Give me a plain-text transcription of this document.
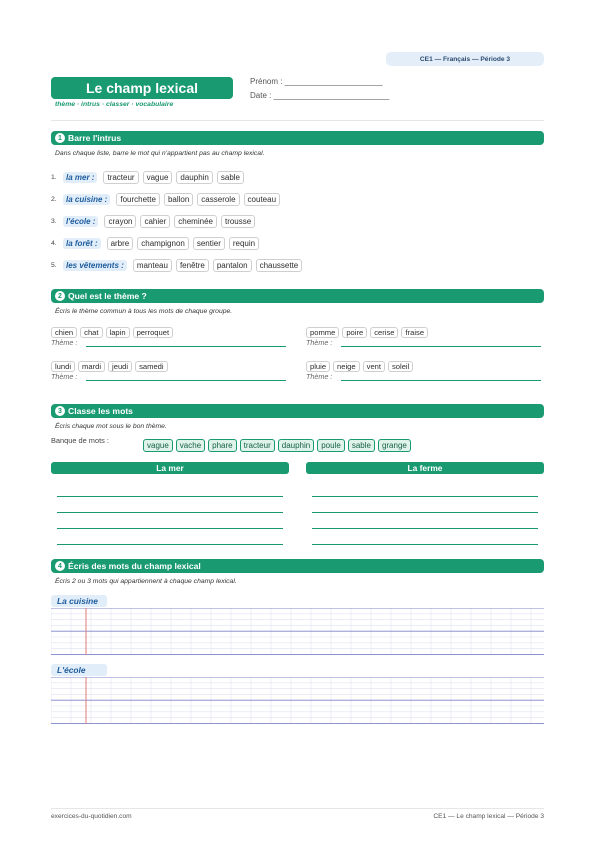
CE1 — Français — Période 3
Le champ lexical
thème · intrus · classer · vocabulaire
Prénom : ______________________
Date : __________________________
1 Barre l'intrus
Dans chaque liste, barre le mot qui n'appartient pas au champ lexical.
1.	la mer :	tracteur	vague	dauphin	sable
2.	la cuisine :	fourchette	ballon	casserole	couteau
3.	l'école :	crayon	cahier	cheminée	trousse
4.	la forêt :	arbre	champignon	sentier	requin
5.	les vêtements :	manteau	fenêtre	pantalon	chaussette
2 Quel est le thème ?
Écris le thème commun à tous les mots de chaque groupe.
chien	chat	lapin	perroquet
Thème :
pomme	poire	cerise	fraise
Thème :
lundi	mardi	jeudi	samedi
Thème :
pluie	neige	vent	soleil
Thème :
3 Classe les mots
Écris chaque mot sous le bon thème.
Banque de mots :
vague	vache	phare	tracteur	dauphin	poule	sable	grange
La mer	La ferme
4 Écris des mots du champ lexical
Écris 2 ou 3 mots qui appartiennent à chaque champ lexical.
La cuisine
L'école
exercices-du-quotidien.com	CE1 — Le champ lexical — Période 3
